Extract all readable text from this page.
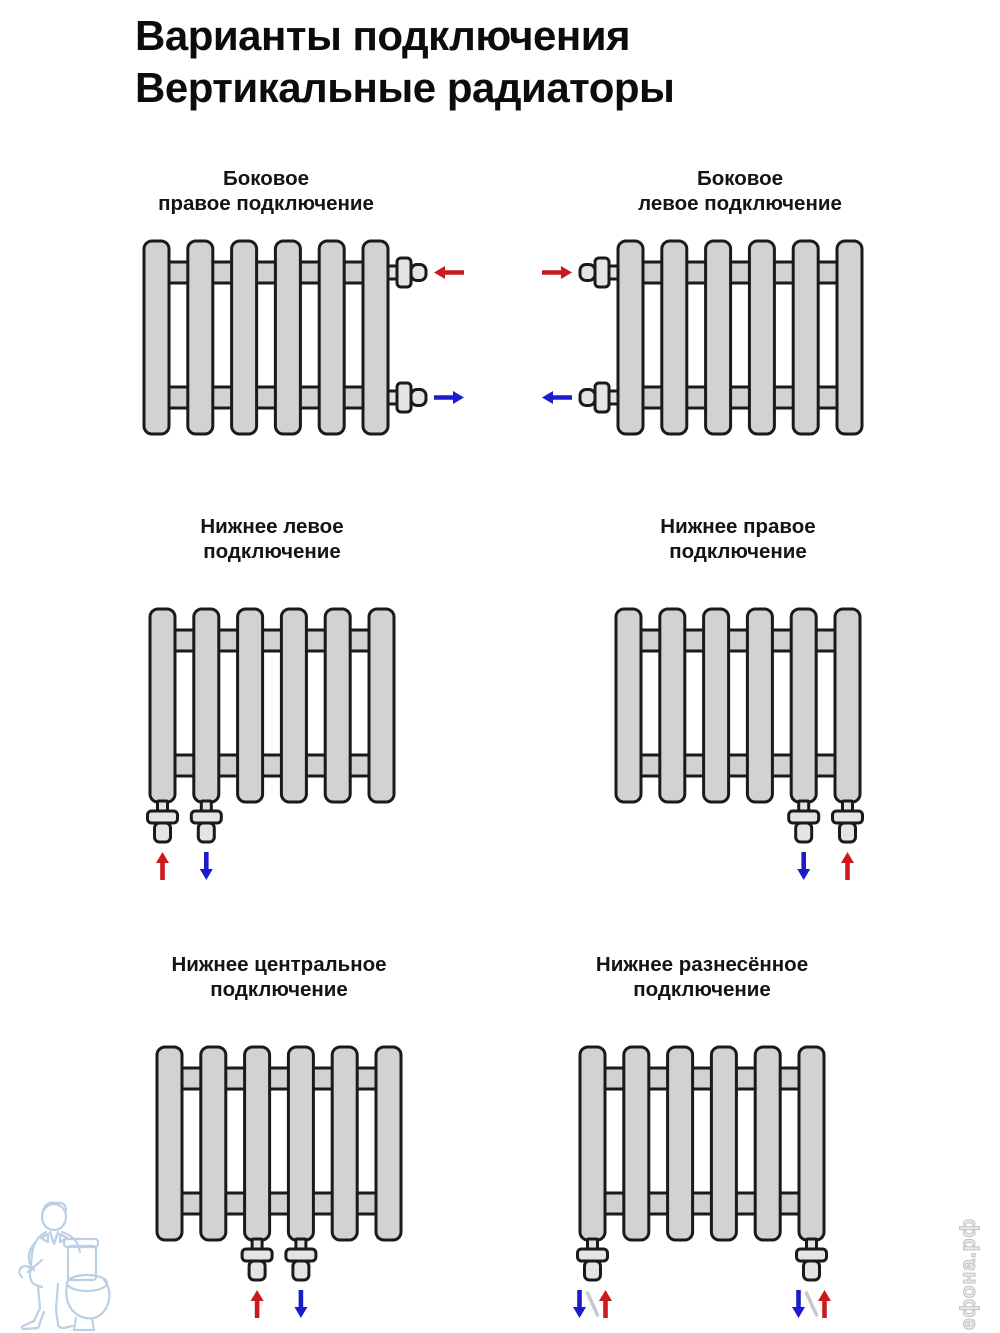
Варианты подключения
Вертикальные радиаторы
Боковое
правое подключение
Боковое
левое подключение
Нижнее левое
подключение
Нижнее правое
подключение
Нижнее центральное
подключение
Нижнее разнесённое
подключение
ефона.рф
